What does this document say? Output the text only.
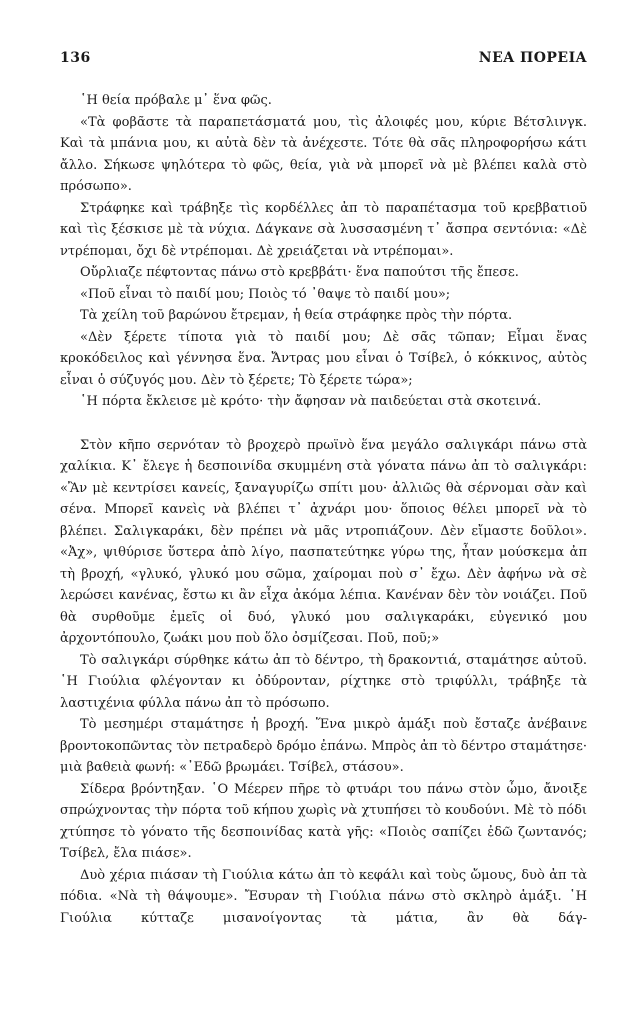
136	ΝΕΑ ΠΟΡΕΙΑ

῾Η θεία πρόβαλε μ᾿ ἕνα φῶς.

«Τὰ φοβᾶστε τὰ παραπετάσματά μου, τὶς ἀλοιφές μου, κύριε Βέτσλινγκ. Καὶ τὰ μπάνια μου, κι αὐτὰ δὲν τὰ ἀνέχεστε. Τότε θὰ σᾶς πληροφορήσω κάτι ἄλλο. Σήκωσε ψηλότερα τὸ φῶς, θεία, γιὰ νὰ μπορεῖ νὰ μὲ βλέπει καλὰ στὸ πρόσωπο».

Στράφηκε καὶ τράβηξε τὶς κορδέλλες ἀπ τὸ παραπέτασμα τοῦ κρεββατιοῦ καὶ τὶς ξέσκισε μὲ τὰ νύχια. Δάγκανε σὰ λυσσασμένη τ᾿ ἄσπρα σεντόνια: «Δὲ ντρέπομαι, ὄχι δὲ ντρέπομαι. Δὲ χρειάζεται νὰ ντρέπομαι».

Οὔρλιαζε πέφτοντας πάνω στὸ κρεββάτι· ἕνα παπούτσι τῆς ἔπεσε.

«Ποῦ εἶναι τὸ παιδί μου; Ποιὸς τό ᾿θαψε τὸ παιδί μου»;

Τὰ χείλη τοῦ βαρώνου ἔτρεμαν, ἡ θεία στράφηκε πρὸς τὴν πόρτα.

«Δὲν ξέρετε τίποτα γιὰ τὸ παιδί μου; Δὲ σᾶς τῶπαν; Εἶμαι ἕνας κροκόδειλος καὶ γέννησα ἕνα. Ἄντρας μου εἶναι ὁ Τσίβελ, ὁ κόκκινος, αὐτὸς εἶναι ὁ σύζυγός μου. Δὲν τὸ ξέρετε; Τὸ ξέρετε τώρα»;

῾Η πόρτα ἔκλεισε μὲ κρότο· τὴν ἄφησαν νὰ παιδεύεται στὰ σκοτεινά.

Στὸν κῆπο σερνόταν τὸ βροχερὸ πρωϊνὸ ἕνα μεγάλο σαλιγκάρι πάνω στὰ χαλίκια. Κ᾿ ἔλεγε ἡ δεσποινίδα σκυμμένη στὰ γόνατα πάνω ἀπ τὸ σαλιγκάρι: «Ἂν μὲ κεντρίσει κανείς, ξαναγυρίζω σπίτι μου· ἀλλιῶς θὰ σέρνομαι σὰν καὶ σένα. Μπορεῖ κανεὶς νὰ βλέπει τ᾿ ἀχνάρι μου· ὅποιος θέλει μπορεῖ νὰ τὸ βλέπει. Σαλιγκαράκι, δὲν πρέπει νὰ μᾶς ντροπιάζουν. Δὲν εἴμαστε δοῦλοι». «Ἀχ», ψιθύρισε ὕστερα ἀπὸ λίγο, πασπατεύτηκε γύρω της, ἦταν μούσκεμα ἀπ τὴ βροχή, «γλυκό, γλυκό μου σῶμα, χαίρομαι ποὺ σ᾿ ἔχω. Δὲν ἀφήνω νὰ σὲ λερώσει κανένας, ἔστω κι ἂν εἶχα ἀκόμα λέπια. Κανέναν δὲν τὸν νοιάζει. Ποῦ θὰ συρθοῦμε ἐμεῖς οἱ δυό, γλυκό μου σαλιγκαράκι, εὐγενικό μου ἀρχοντόπουλο, ζωάκι μου ποὺ ὅλο ὀσμίζεσαι. Ποῦ, ποῦ;»

Τὸ σαλιγκάρι σύρθηκε κάτω ἀπ τὸ δέντρο, τὴ δρακοντιά, σταμάτησε αὐτοῦ. ῾Η Γιούλια φλέγονταν κι ὀδύρονταν, ρίχτηκε στὸ τριφύλλι, τράβηξε τὰ λαστιχένια φύλλα πάνω ἀπ τὸ πρόσωπο.

Τὸ μεσημέρι σταμάτησε ἡ βροχή. Ἕνα μικρὸ ἁμάξι ποὺ ἔσταζε ἀνέβαινε βροντοκοπῶντας τὸν πετραδερὸ δρόμο ἐπάνω. Μπρὸς ἀπ τὸ δέντρο σταμάτησε· μιὰ βαθειὰ φωνή: «᾿Εδῶ βρωμάει. Τσίβελ, στάσου».

Σίδερα βρόντηξαν. ῾Ο Μέερεν πῆρε τὸ φτυάρι του πάνω στὸν ὦμο, ἄνοιξε σπρώχνοντας τὴν πόρτα τοῦ κήπου χωρὶς νὰ χτυπήσει τὸ κουδούνι. Μὲ τὸ πόδι χτύπησε τὸ γόνατο τῆς δεσποινίδας κατὰ γῆς: «Ποιὸς σαπίζει ἐδῶ ζωντανός; Τσίβελ, ἔλα πιάσε».

Δυὸ χέρια πιάσαν τὴ Γιούλια κάτω ἀπ τὸ κεφάλι καὶ τοὺς ὤμους, δυὸ ἀπ τὰ πόδια. «Νὰ τὴ θάψουμε». Ἔσυραν τὴ Γιούλια πάνω στὸ σκληρὸ ἁμάξι. ῾Η Γιούλια κύτταζε μισανοίγοντας τὰ μάτια, ἂν θὰ δάγ-
